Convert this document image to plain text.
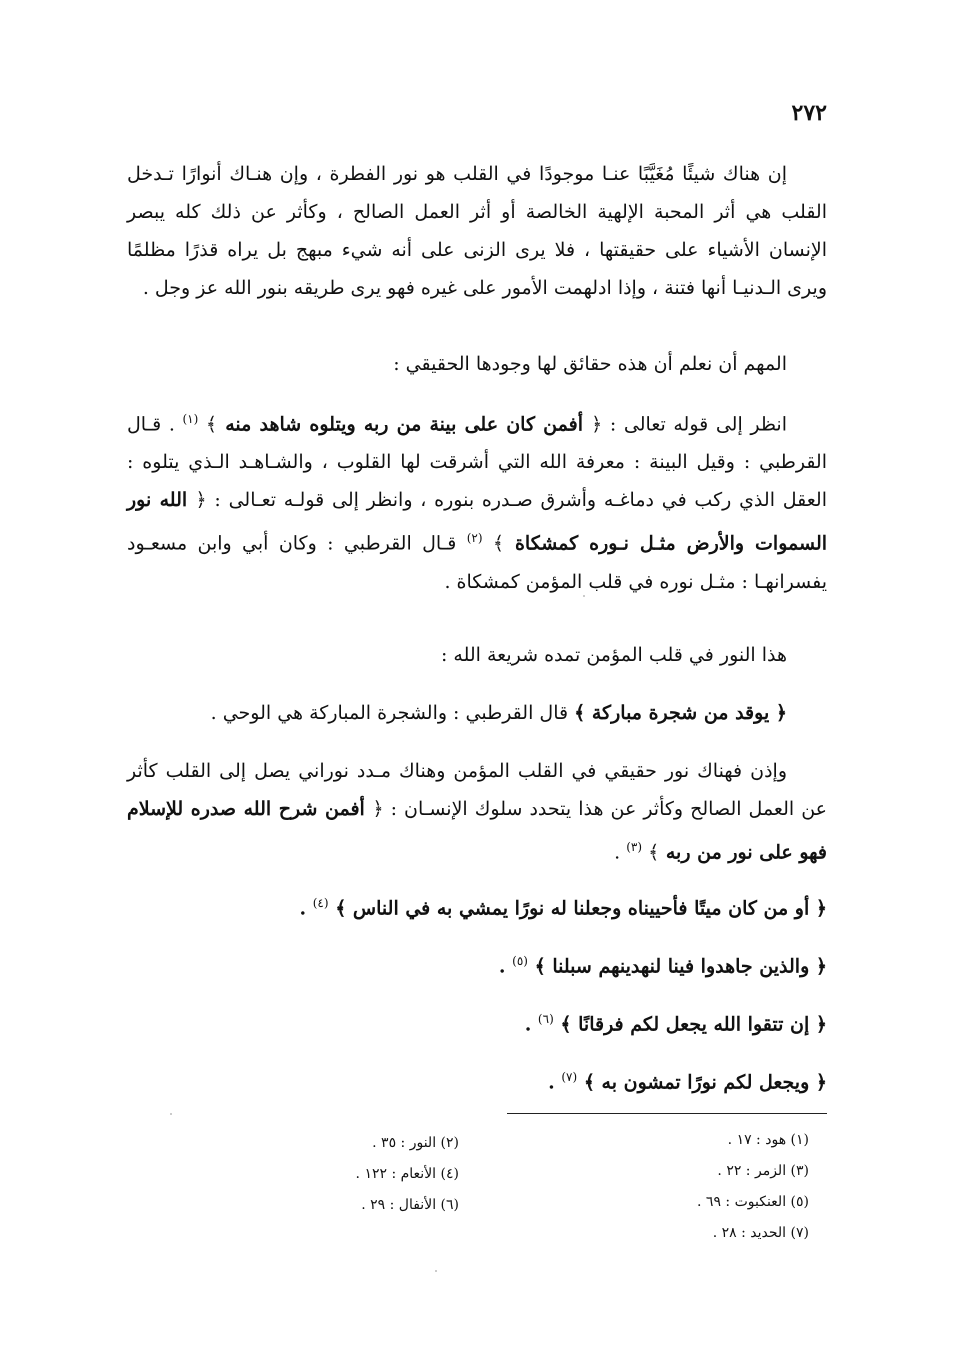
٢٧٢

إن هناك شيئًا مُغَيَّبًا عنـا موجودًا في القلب هو نور الفطرة ، وإن هنـاك أنوارًا تـدخل القلب هي أثر المحبة الإلهية الخالصة أو أثر العمل الصالح ، وكأثر عن ذلك كله يبصر الإنسان الأشياء على حقيقتها ، فلا يرى الزنى على أنه شيء مبهج بل يراه قذرًا مظلمًا ويرى الـدنيـا أنها فتنة ، وإذا ادلهمت الأمور على غيره فهو يرى طريقه بنور الله عز وجل .

المهم أن نعلم أن هذه حقائق لها وجودها الحقيقي :

انظر إلى قوله تعالى : ﴿ أفمن كان على بينة من ربه ويتلوه شاهد منه ﴾ $^{(١)}$ . قـال القرطبي : وقيل البينة : معرفة الله التي أشرقت لها القلوب ، والشـاهـد الـذي يتلوه : العقل الذي ركب في دماغـه وأشرق صـدره بنوره ، وانظر إلى قولـه تعـالى : ﴿ الله نور السموات والأرض مثـل نـوره كمشكاة ﴾ $^{(٢)}$ قـال القرطبي : وكان أبي وابن مسعـود يفسرانهـا : مثـل نوره في قلب المؤمن كمشكاة .

هذا النور في قلب المؤمن تمده شريعة الله :

﴿ يوقد من شجرة مباركة ﴾ قال القرطبي : والشجرة المباركة هي الوحي .

وإذن فهناك نور حقيقي في القلب المؤمن وهناك مـدد نوراني يصل إلى القلب كأثر عن العمل الصالح وكأثر عن هذا يتحدد سلوك الإنسـان : ﴿ أفمن شرح الله صدره للإسلام فهو على نور من ربه ﴾ $^{(٣)}$ .

﴿ أو من كان ميتًا فأحييناه وجعلنا له نورًا يمشي به في الناس ﴾ $^{(٤)}$ .
﴿ والذين جاهدوا فينا لنهدينهم سبلنا ﴾ $^{(٥)}$ .
﴿ إن تتقوا الله يجعل لكم فرقانًا ﴾ $^{(٦)}$ .
﴿ ويجعل لكم نورًا تمشون به ﴾ $^{(٧)}$ .
(١) هود : ١٧ .
(٣) الزمر : ٢٢ .
(٥) العنكبوت : ٦٩ .
(٧) الحديد : ٢٨ .
(٢) النور : ٣٥ .
(٤) الأنعام : ١٢٢ .
(٦) الأنفال : ٢٩ .
